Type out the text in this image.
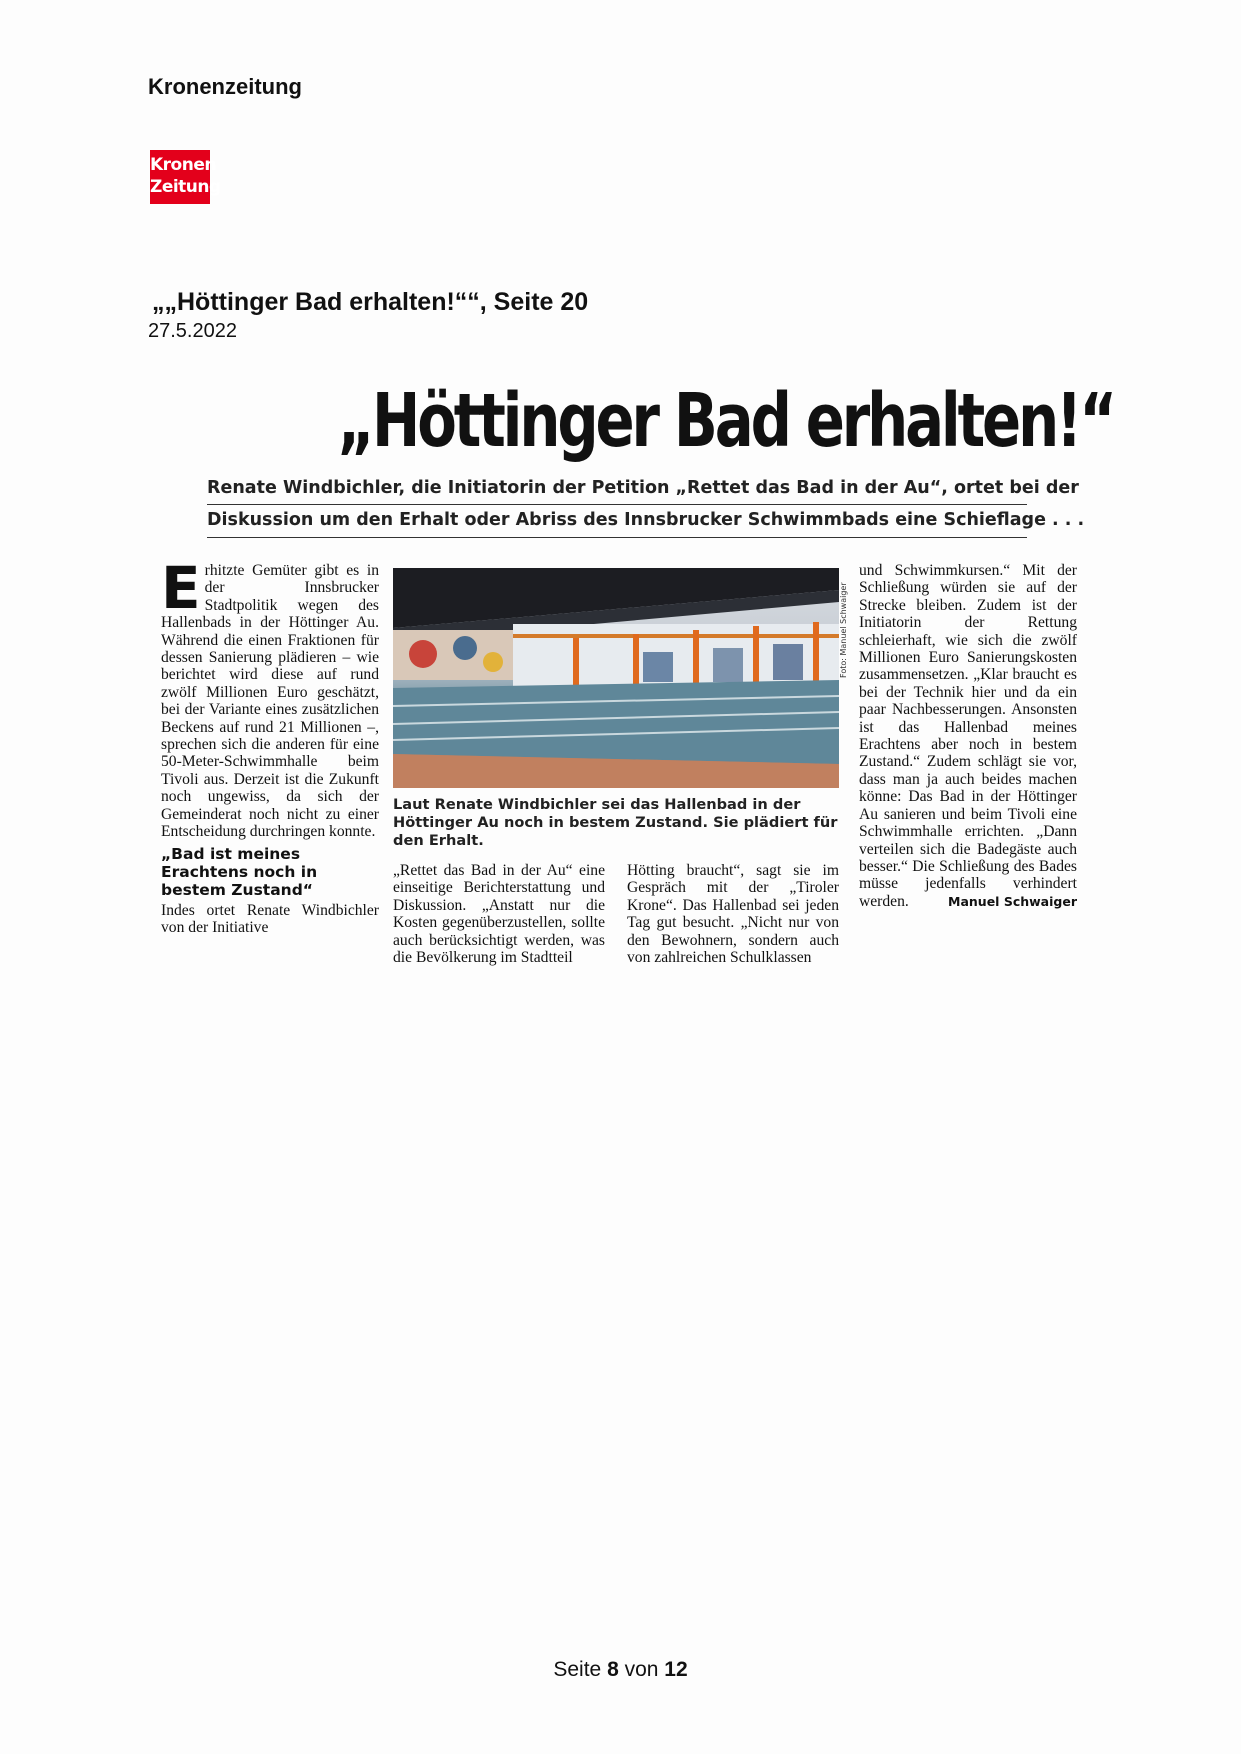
Kronenzeitung
Kronen
Zeitung
„„Höttinger Bad erhalten!““, Seite 20
27.5.2022
„Höttinger Bad erhalten!“
Renate Windbichler, die Initiatorin der Petition „Rettet das Bad in der Au“, ortet bei der
Diskussion um den Erhalt oder Abriss des Innsbrucker Schwimmbads eine Schieflage . . .
E rhitzte Gemüter gibt es in der Innsbrucker Stadtpolitik wegen des Hallenbads in der Höttinger Au. Während die einen Fraktionen für dessen Sanierung plädieren – wie berichtet wird diese auf rund zwölf Millionen Euro geschätzt, bei der Variante eines zusätzlichen Beckens auf rund 21 Millionen –, sprechen sich die anderen für eine 50-Meter-Schwimmhalle beim Tivoli aus. Derzeit ist die Zukunft noch ungewiss, da sich der Gemeinderat noch nicht zu einer Entscheidung durchringen konnte.
„Bad ist meines Erachtens noch in bestem Zustand“
Indes ortet Renate Windbichler von der Initiative
Foto: Manuel Schwaiger
Laut Renate Windbichler sei das Hallenbad in der Höttinger Au noch in bestem Zustand. Sie plädiert für den Erhalt.
„Rettet das Bad in der Au“ eine einseitige Berichterstattung und Diskussion. „Anstatt nur die Kosten gegenüberzustellen, sollte auch berücksichtigt werden, was die Bevölkerung im Stadtteil
Hötting braucht“, sagt sie im Gespräch mit der „Tiroler Krone“. Das Hallenbad sei jeden Tag gut besucht. „Nicht nur von den Bewohnern, sondern auch von zahlreichen Schulklassen
und Schwimmkursen.“ Mit der Schließung würden sie auf der Strecke bleiben. Zudem ist der Initiatorin der Rettung schleierhaft, wie sich die zwölf Millionen Euro Sanierungskosten zusammensetzen. „Klar braucht es bei der Technik hier und da ein paar Nachbesserungen. Ansonsten ist das Hallenbad meines Erachtens aber noch in bestem Zustand.“ Zudem schlägt sie vor, dass man ja auch beides machen könne: Das Bad in der Höttinger Au sanieren und beim Tivoli eine Schwimmhalle errichten. „Dann verteilen sich die Badegäste auch besser.“ Die Schließung des Bades müsse jedenfalls verhindert werden.	Manuel Schwaiger
Seite 8 von 12
